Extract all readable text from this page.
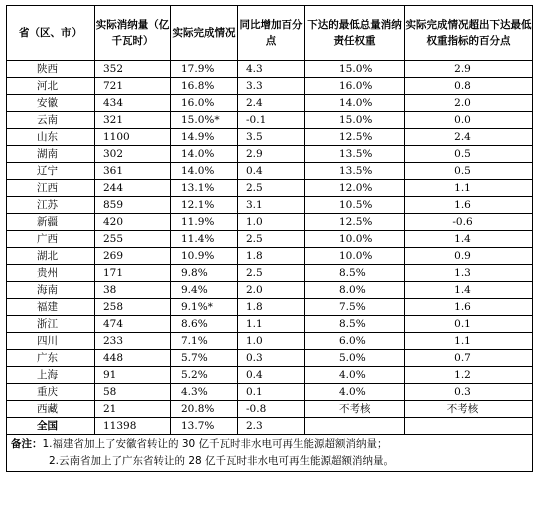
省（区、市）	实际消纳量（亿千瓦时）	实际完成情况	同比增加百分点	下达的最低总量消纳责任权重	实际完成情况超出下达最低权重指标的百分点
陕西	352	17.9%	4.3	15.0%	2.9
河北	721	16.8%	3.3	16.0%	0.8
安徽	434	16.0%	2.4	14.0%	2.0
云南	321	15.0%*	-0.1	15.0%	0.0
山东	1100	14.9%	3.5	12.5%	2.4
湖南	302	14.0%	2.9	13.5%	0.5
辽宁	361	14.0%	0.4	13.5%	0.5
江西	244	13.1%	2.5	12.0%	1.1
江苏	859	12.1%	3.1	10.5%	1.6
新疆	420	11.9%	1.0	12.5%	-0.6
广西	255	11.4%	2.5	10.0%	1.4
湖北	269	10.9%	1.8	10.0%	0.9
贵州	171	9.8%	2.5	8.5%	1.3
海南	38	9.4%	2.0	8.0%	1.4
福建	258	9.1%*	1.8	7.5%	1.6
浙江	474	8.6%	1.1	8.5%	0.1
四川	233	7.1%	1.0	6.0%	1.1
广东	448	5.7%	0.3	5.0%	0.7
上海	91	5.2%	0.4	4.0%	1.2
重庆	58	4.3%	0.1	4.0%	0.3
西藏	21	20.8%	-0.8	不考核	不考核
全国	11398	13.7%	2.3		
备注：1.福建省加上了安徽省转让的 30 亿千瓦时非水电可再生能源超额消纳量；
2.云南省加上了广东省转让的 28 亿千瓦时非水电可再生能源超额消纳量。					
